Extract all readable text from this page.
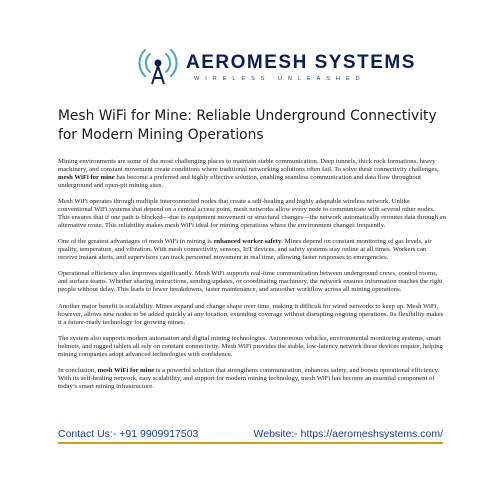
AEROMESH SYSTEMS
WIRELESS UNLEASHED
Mesh WiFi for Mine: Reliable Underground Connectivity for Modern Mining Operations

Mining environments are some of the most challenging places to maintain stable communication. Deep tunnels, thick rock formations, heavy machinery, and constant movement create conditions where traditional networking solutions often fail. To solve these connectivity challenges, mesh WiFi for mine has become a preferred and highly effective solution, enabling seamless communication and data flow throughout underground and open-pit mining sites.

Mesh WiFi operates through multiple interconnected nodes that create a self-healing and highly adaptable wireless network. Unlike conventional WiFi systems that depend on a central access point, mesh networks allow every node to communicate with several other nodes. This ensures that if one path is blocked—due to equipment movement or structural changes—the network automatically reroutes data through an alternative route. This reliability makes mesh WiFi ideal for mining operations where the environment changes frequently.

One of the greatest advantages of mesh WiFi in mining is enhanced worker safety. Mines depend on constant monitoring of gas levels, air quality, temperature, and vibration. With mesh connectivity, sensors, IoT devices, and safety systems stay online at all times. Workers can receive instant alerts, and supervisors can track personnel movement in real time, allowing faster responses to emergencies.

Operational efficiency also improves significantly. Mesh WiFi supports real-time communication between underground crews, control rooms, and surface teams. Whether sharing instructions, sending updates, or coordinating machinery, the network ensures information reaches the right people without delay. This leads to fewer breakdowns, faster maintenance, and smoother workflow across all mining operations.

Another major benefit is scalability. Mines expand and change shape over time, making it difficult for wired networks to keep up. Mesh WiFi, however, allows new nodes to be added quickly at any location, extending coverage without disrupting ongoing operations. Its flexibility makes it a future-ready technology for growing mines.

The system also supports modern automation and digital mining technologies. Autonomous vehicles, environmental monitoring systems, smart helmets, and rugged tablets all rely on constant connectivity. Mesh WiFi provides the stable, low-latency network these devices require, helping mining companies adopt advanced technologies with confidence.

In conclusion, mesh WiFi for mine is a powerful solution that strengthens communication, enhances safety, and boosts operational efficiency. With its self-healing network, easy scalability, and support for modern mining technology, mesh WiFi has become an essential component of today’s smart mining infrastructure.

Contact Us:- +91 9909917503	Website:- https://aeromeshsystems.com/
